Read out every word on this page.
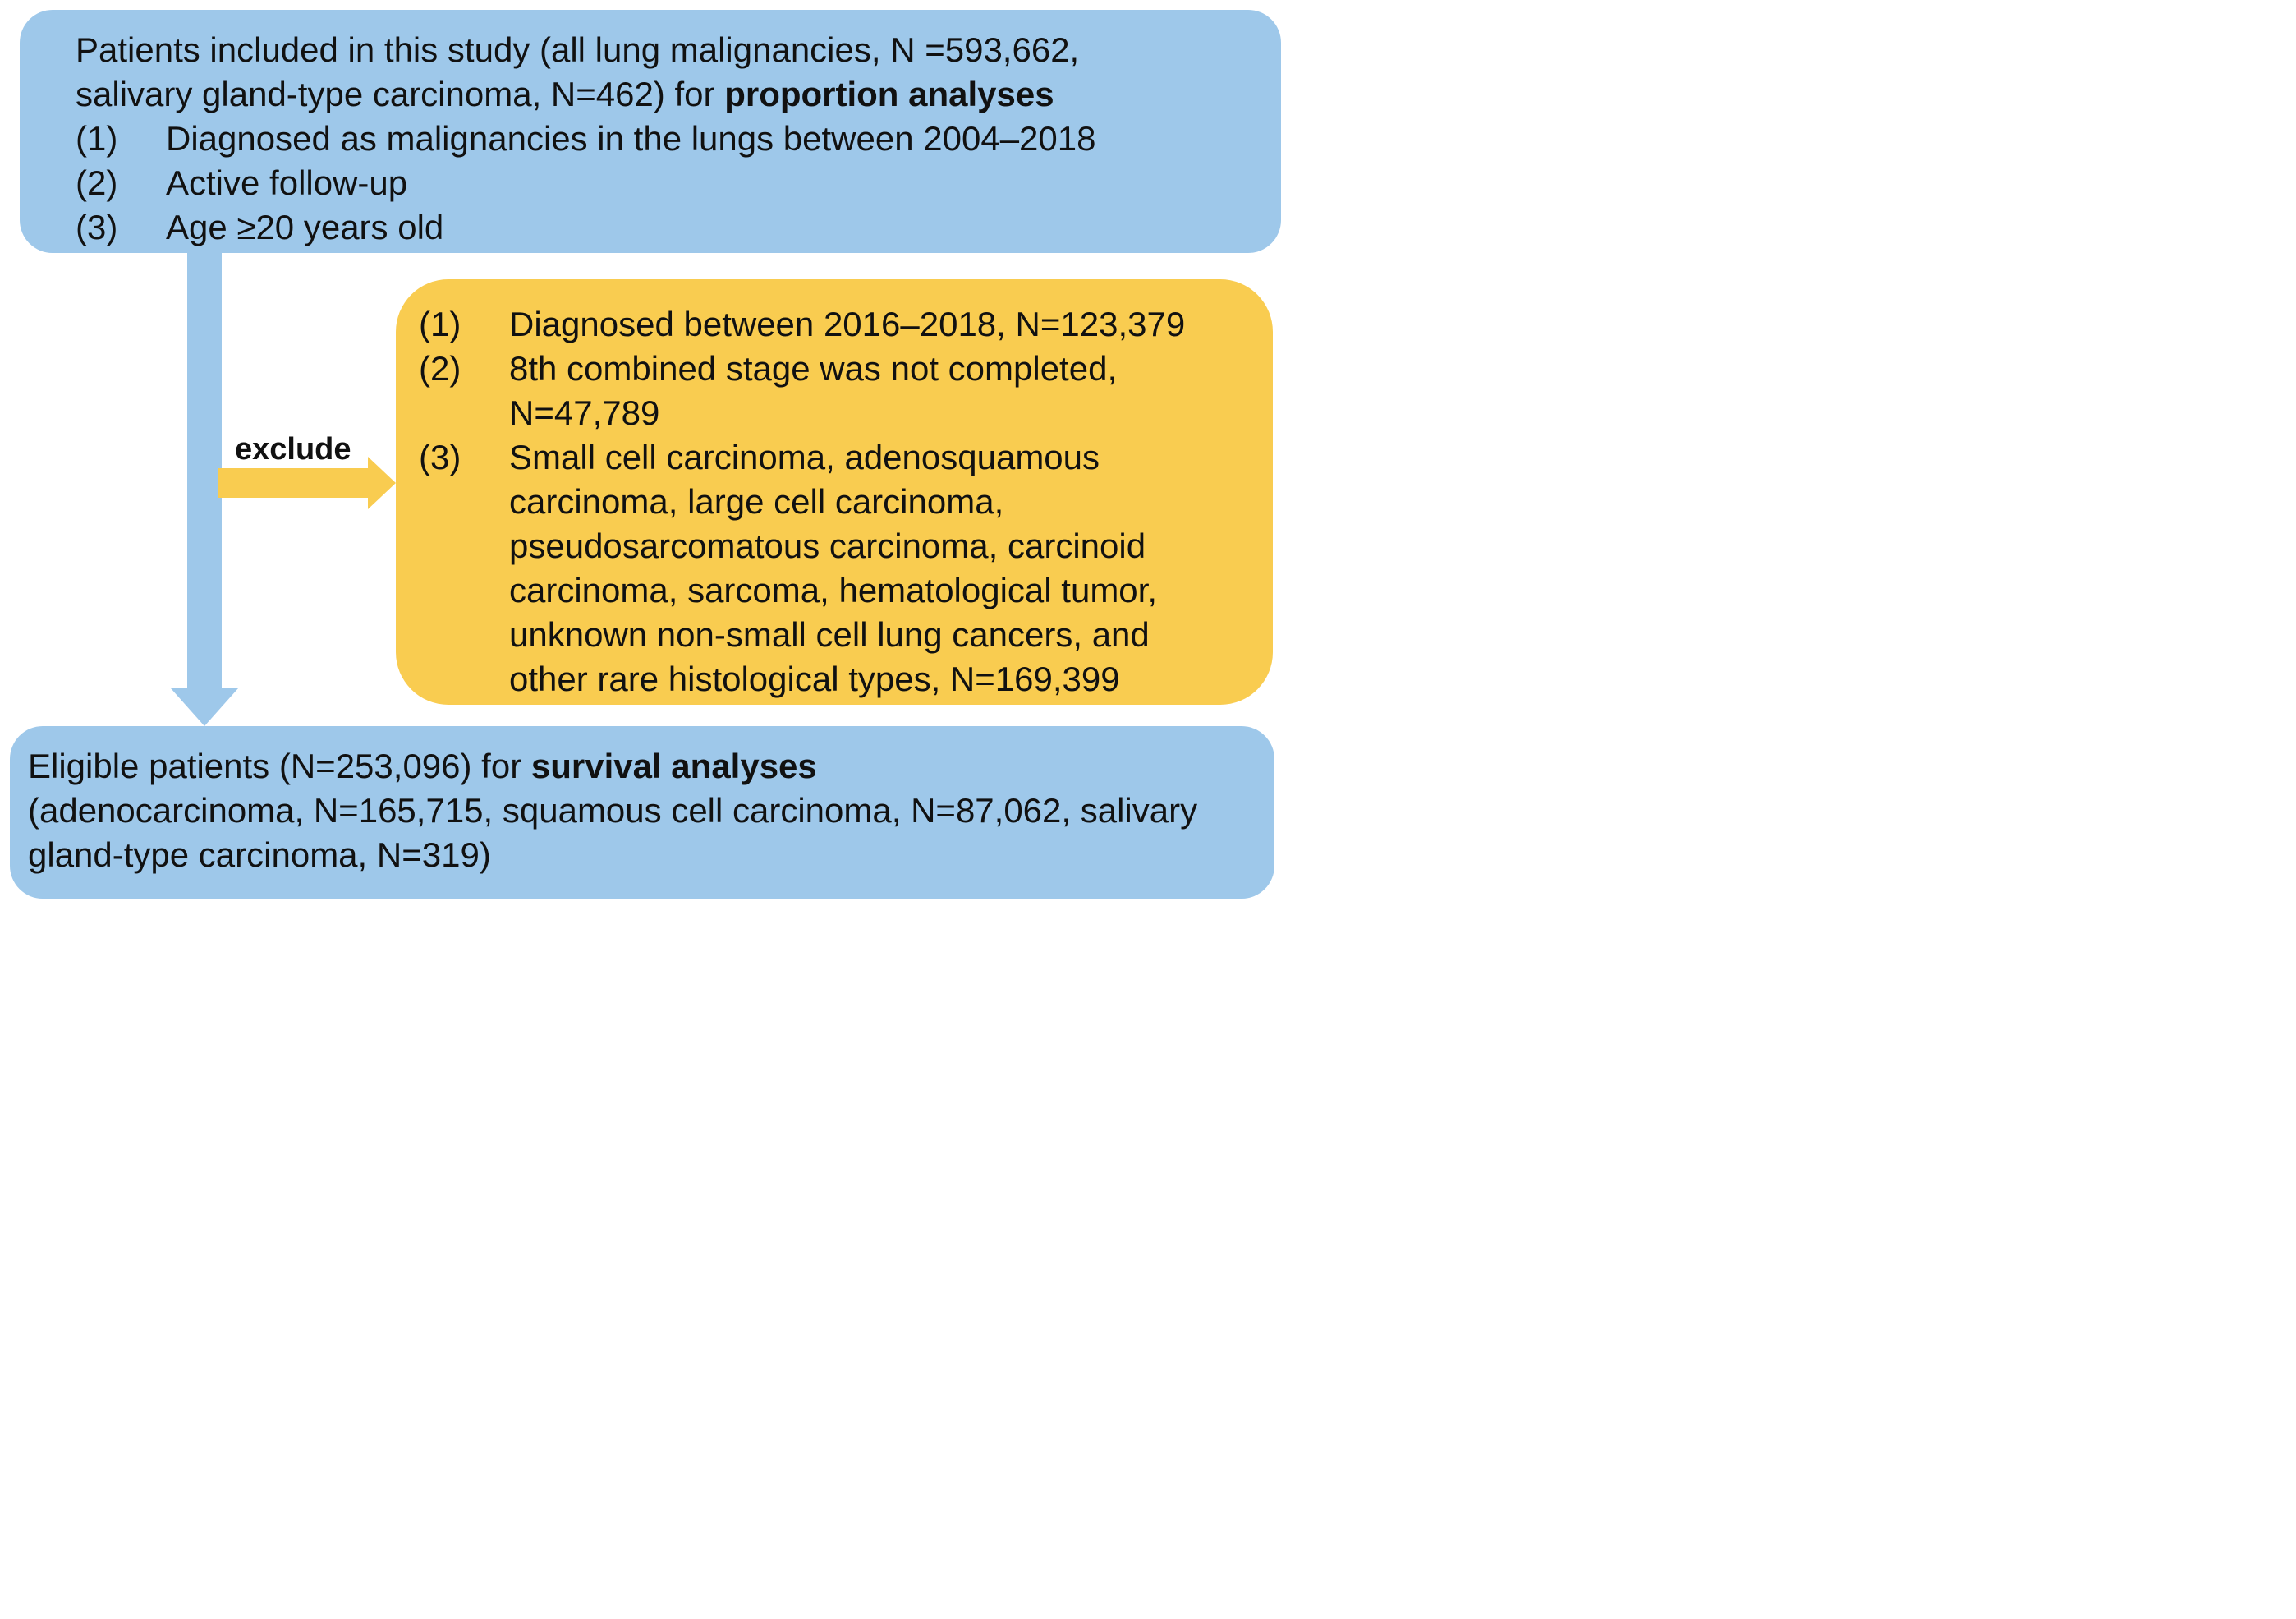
Patients included in this study (all lung malignancies, N =593,662,
salivary gland-type carcinoma, N=462) for proportion analyses
(1)	Diagnosed as malignancies in the lungs between 2004–2018
(2)	Active follow-up
(3)	Age ≥20 years old
exclude
(1)	Diagnosed between 2016–2018, N=123,379
(2)	8th combined stage was not completed,
N=47,789
(3)	Small cell carcinoma, adenosquamous
carcinoma, large cell carcinoma,
pseudosarcomatous carcinoma, carcinoid
carcinoma, sarcoma, hematological tumor,
unknown non-small cell lung cancers, and
other rare histological types, N=169,399
Eligible patients (N=253,096) for survival analyses
(adenocarcinoma, N=165,715, squamous cell carcinoma, N=87,062, salivary
gland-type carcinoma, N=319)
